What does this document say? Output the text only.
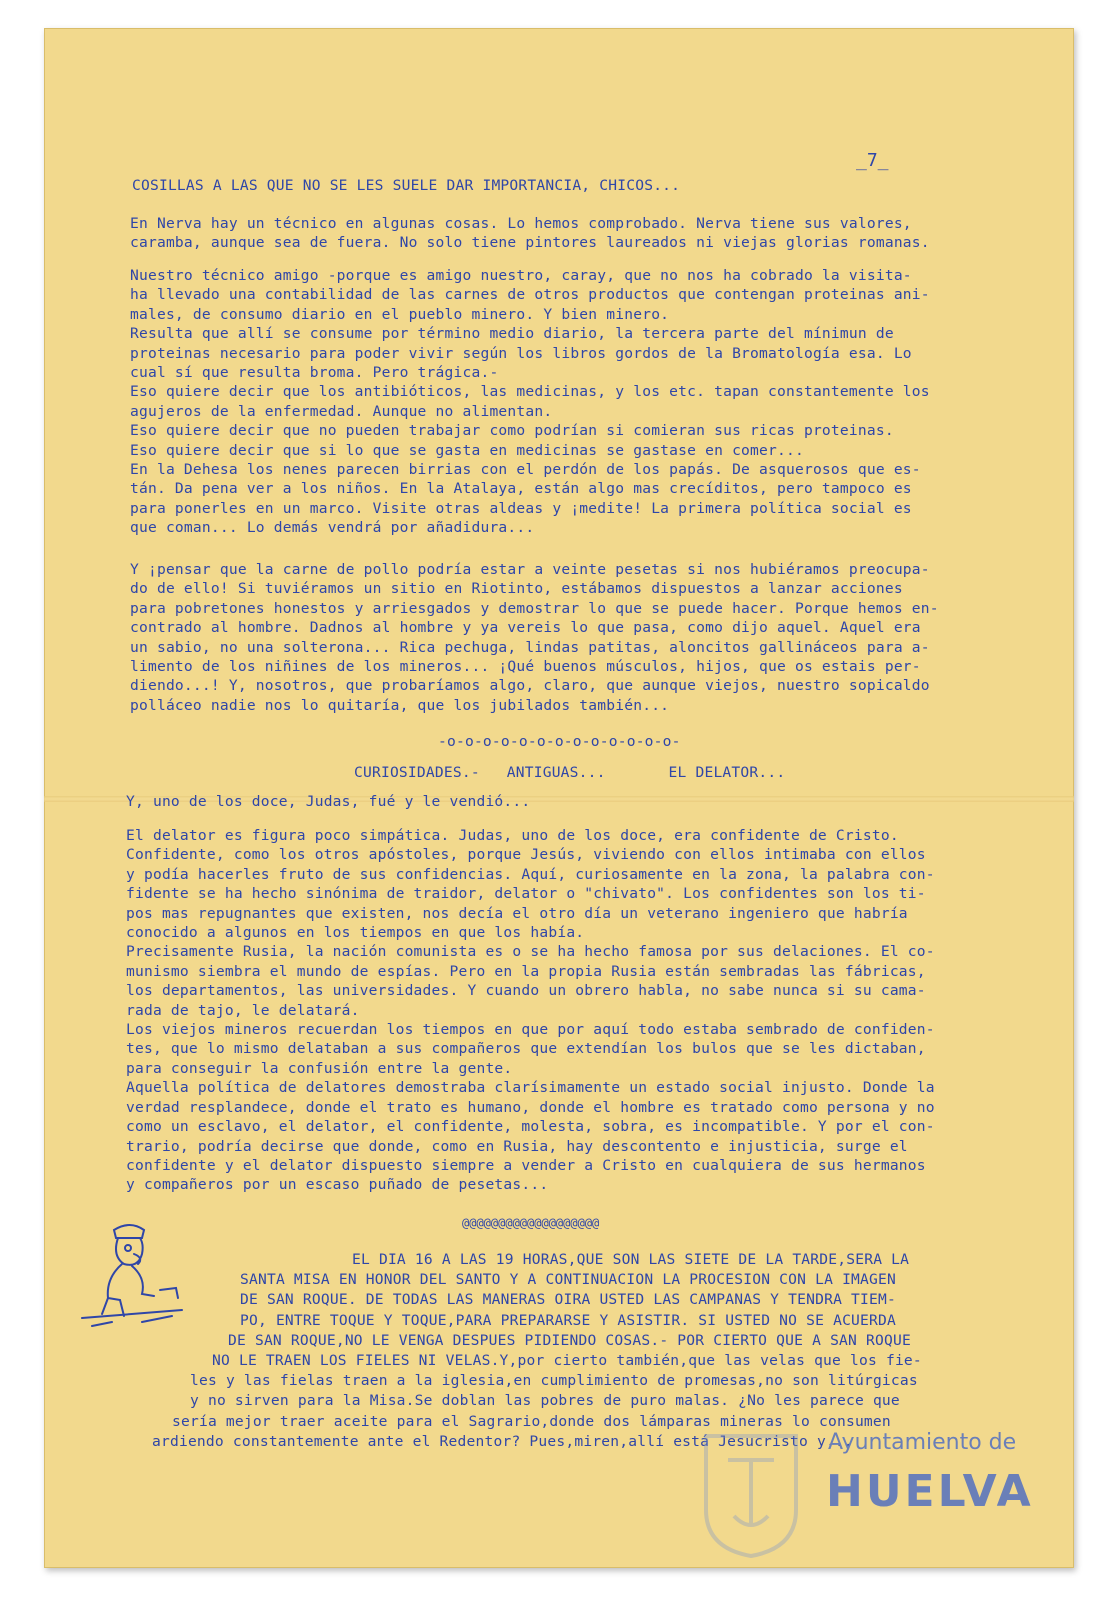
_7_
COSILLAS A LAS QUE NO SE LES SUELE DAR IMPORTANCIA, CHICOS...
En Nerva hay un técnico en algunas cosas. Lo hemos comprobado. Nerva tiene sus valores,
caramba, aunque sea de fuera. No solo tiene pintores laureados ni viejas glorias romanas.
Nuestro técnico amigo -porque es amigo nuestro, caray, que no nos ha cobrado la visita-
ha llevado una contabilidad de las carnes de otros productos que contengan proteinas ani-
males, de consumo diario en el pueblo minero. Y bien minero.
Resulta que allí se consume por término medio diario, la tercera parte del mínimun de
proteinas necesario para poder vivir según los libros gordos de la Bromatología esa. Lo
cual sí que resulta broma. Pero trágica.-
Eso quiere decir que los antibióticos, las medicinas, y los etc. tapan constantemente los
agujeros de la enfermedad. Aunque no alimentan.
Eso quiere decir que no pueden trabajar como podrían si comieran sus ricas proteinas.
Eso quiere decir que si lo que se gasta en medicinas se gastase en comer...
En la Dehesa los nenes parecen birrias con el perdón de los papás. De asquerosos que es-
tán. Da pena ver a los niños. En la Atalaya, están algo mas crecíditos, pero tampoco es
para ponerles en un marco. Visite otras aldeas y ¡medite! La primera política social es
que coman... Lo demás vendrá por añadidura...
Y ¡pensar que la carne de pollo podría estar a veinte pesetas si nos hubiéramos preocupa-
do de ello! Si tuviéramos un sitio en Riotinto, estábamos dispuestos a lanzar acciones
para pobretones honestos y arriesgados y demostrar lo que se puede hacer. Porque hemos en-
contrado al hombre. Dadnos al hombre y ya vereis lo que pasa, como dijo aquel. Aquel era
un sabio, no una solterona... Rica pechuga, lindas patitas, aloncitos gallináceos para a-
limento de los niñines de los mineros... ¡Qué buenos músculos, hijos, que os estais per-
diendo...! Y, nosotros, que probaríamos algo, claro, que aunque viejos, nuestro sopicaldo
polláceo nadie nos lo quitaría, que los jubilados también...
-o-o-o-o-o-o-o-o-o-o-o-o-o-
CURIOSIDADES.-   ANTIGUAS...       EL DELATOR...
Y, uno de los doce, Judas, fué y le vendió...
El delator es figura poco simpática. Judas, uno de los doce, era confidente de Cristo.
Confidente, como los otros apóstoles, porque Jesús, viviendo con ellos intimaba con ellos
y podía hacerles fruto de sus confidencias. Aquí, curiosamente en la zona, la palabra con-
fidente se ha hecho sinónima de traidor, delator o "chivato". Los confidentes son los ti-
pos mas repugnantes que existen, nos decía el otro día un veterano ingeniero que habría
conocido a algunos en los tiempos en que los había.
Precisamente Rusia, la nación comunista es o se ha hecho famosa por sus delaciones. El co-
munismo siembra el mundo de espías. Pero en la propia Rusia están sembradas las fábricas,
los departamentos, las universidades. Y cuando un obrero habla, no sabe nunca si su cama-
rada de tajo, le delatará.
Los viejos mineros recuerdan los tiempos en que por aquí todo estaba sembrado de confiden-
tes, que lo mismo delataban a sus compañeros que extendían los bulos que se les dictaban,
para conseguir la confusión entre la gente.
Aquella política de delatores demostraba clarísimamente un estado social injusto. Donde la
verdad resplandece, donde el trato es humano, donde el hombre es tratado como persona y no
como un esclavo, el delator, el confidente, molesta, sobra, es incompatible. Y por el con-
trario, podría decirse que donde, como en Rusia, hay descontento e injusticia, surge el
confidente y el delator dispuesto siempre a vender a Cristo en cualquiera de sus hermanos
y compañeros por un escaso puñado de pesetas...
@@@@@@@@@@@@@@@@@@@
EL DIA 16 A LAS 19 HORAS,QUE SON LAS SIETE DE LA TARDE,SERA LA
SANTA MISA EN HONOR DEL SANTO Y A CONTINUACION LA PROCESION CON LA IMAGEN
DE SAN ROQUE. DE TODAS LAS MANERAS OIRA USTED LAS CAMPANAS Y TENDRA TIEM-
PO, ENTRE TOQUE Y TOQUE,PARA PREPARARSE Y ASISTIR. SI USTED NO SE ACUERDA
DE SAN ROQUE,NO LE VENGA DESPUES PIDIENDO COSAS.- POR CIERTO QUE A SAN ROQUE
NO LE TRAEN LOS FIELES NI VELAS.Y,por cierto también,que las velas que los fie-
les y las fielas traen a la iglesia,en cumplimiento de promesas,no son litúrgicas
y no sirven para la Misa.Se doblan las pobres de puro malas. ¿No les parece que
sería mejor traer aceite para el Sagrario,donde dos lámparas mineras lo consumen
ardiendo constantemente ante el Redentor? Pues,miren,allí está Jesucristo y...
Ayuntamiento de
HUELVA
